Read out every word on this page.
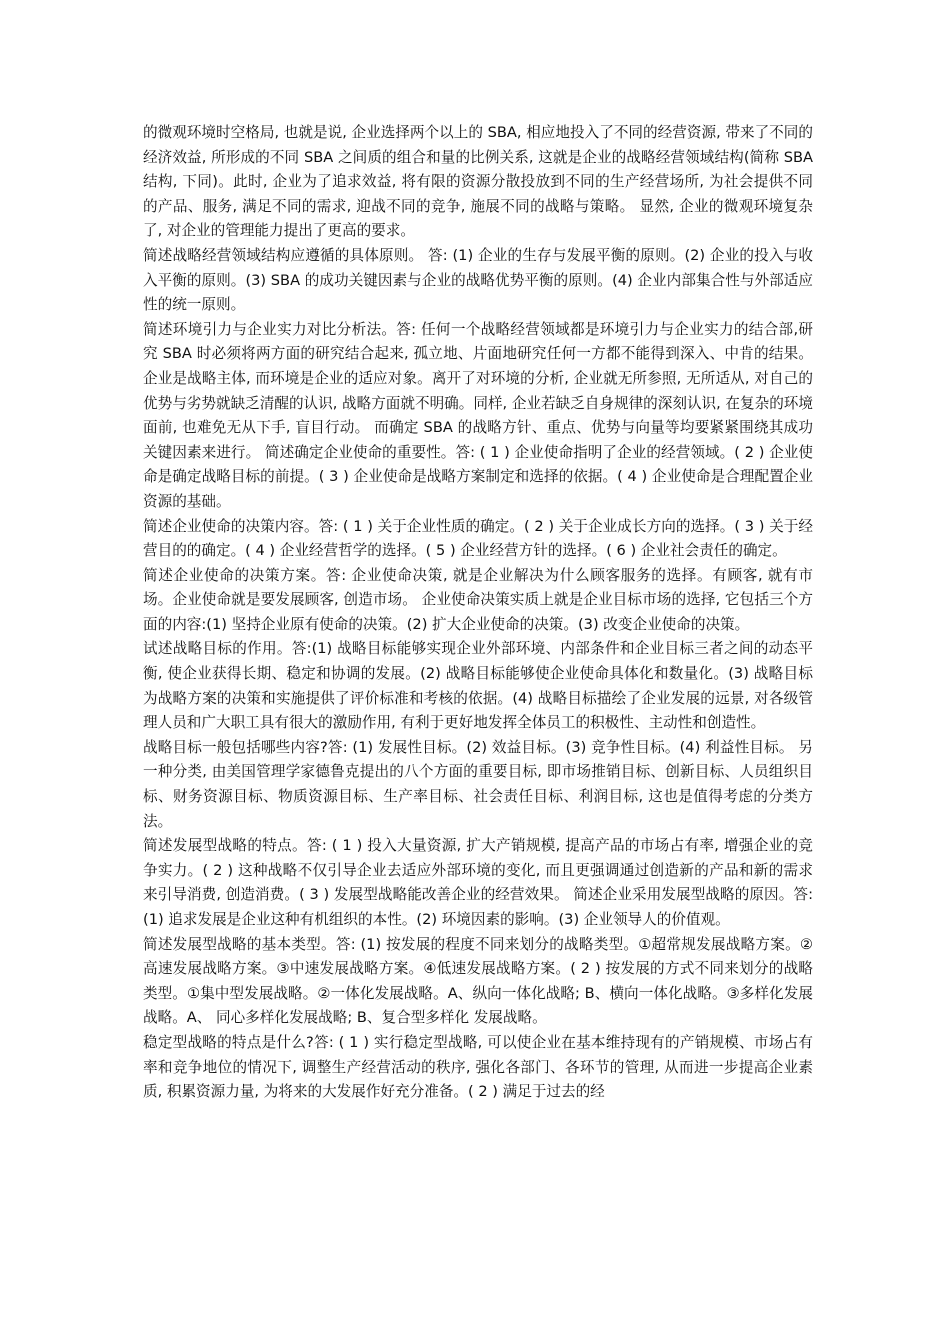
的微观环境时空格局, 也就是说, 企业选择两个以上的 SBA, 相应地投入了不同的经营资源, 带来了不同的经济效益, 所形成的不同 SBA 之间质的组合和量的比例关系, 这就是企业的战略经营领域结构(简称 SBA 结构, 下同)。此时, 企业为了追求效益, 将有限的资源分散投放到不同的生产经营场所, 为社会提供不同的产品、服务, 满足不同的需求, 迎战不同的竞争, 施展不同的战略与策略。 显然, 企业的微观环境复杂了, 对企业的管理能力提出了更高的要求。

简述战略经营领域结构应遵循的具体原则。 答: (1) 企业的生存与发展平衡的原则。(2) 企业的投入与收入平衡的原则。(3) SBA 的成功关键因素与企业的战略优势平衡的原则。(4) 企业内部集合性与外部适应性的统一原则。

简述环境引力与企业实力对比分析法。答: 任何一个战略经营领域都是环境引力与企业实力的结合部,研究 SBA 时必须将两方面的研究结合起来, 孤立地、片面地研究任何一方都不能得到深入、中肯的结果。企业是战略主体, 而环境是企业的适应对象。离开了对环境的分析, 企业就无所参照, 无所适从, 对自己的优势与劣势就缺乏清醒的认识, 战略方面就不明确。同样, 企业若缺乏自身规律的深刻认识, 在复杂的环境面前, 也难免无从下手, 盲目行动。 而确定 SBA 的战略方针、重点、优势与向量等均要紧紧围绕其成功关键因素来进行。 简述确定企业使命的重要性。答: ( 1 ) 企业使命指明了企业的经营领域。( 2 ) 企业使命是确定战略目标的前提。( 3 ) 企业使命是战略方案制定和选择的依据。( 4 ) 企业使命是合理配置企业资源的基础。

简述企业使命的决策内容。答: ( 1 ) 关于企业性质的确定。( 2 ) 关于企业成长方向的选择。( 3 ) 关于经营目的的确定。( 4 ) 企业经营哲学的选择。( 5 ) 企业经营方针的选择。( 6 ) 企业社会责任的确定。

简述企业使命的决策方案。答: 企业使命决策, 就是企业解决为什么顾客服务的选择。有顾客, 就有市场。企业使命就是要发展顾客, 创造市场。 企业使命决策实质上就是企业目标市场的选择, 它包括三个方面的内容:(1) 坚持企业原有使命的决策。(2) 扩大企业使命的决策。(3) 改变企业使命的决策。

试述战略目标的作用。答:(1) 战略目标能够实现企业外部环境、内部条件和企业目标三者之间的动态平衡, 使企业获得长期、稳定和协调的发展。(2) 战略目标能够使企业使命具体化和数量化。(3) 战略目标为战略方案的决策和实施提供了评价标准和考核的依据。(4) 战略目标描绘了企业发展的远景, 对各级管理人员和广大职工具有很大的激励作用, 有利于更好地发挥全体员工的积极性、主动性和创造性。

战略目标一般包括哪些内容?答: (1) 发展性目标。(2) 效益目标。(3) 竞争性目标。(4) 利益性目标。 另一种分类, 由美国管理学家德鲁克提出的八个方面的重要目标, 即市场推销目标、创新目标、人员组织目标、财务资源目标、物质资源目标、生产率目标、社会责任目标、利润目标, 这也是值得考虑的分类方法。

简述发展型战略的特点。答: ( 1 ) 投入大量资源, 扩大产销规模, 提高产品的市场占有率, 增强企业的竞争实力。( 2 ) 这种战略不仅引导企业去适应外部环境的变化, 而且更强调通过创造新的产品和新的需求来引导消费, 创造消费。( 3 ) 发展型战略能改善企业的经营效果。 简述企业采用发展型战略的原因。答: (1) 追求发展是企业这种有机组织的本性。(2) 环境因素的影响。(3) 企业领导人的价值观。

简述发展型战略的基本类型。答: (1) 按发展的程度不同来划分的战略类型。①超常规发展战略方案。②高速发展战略方案。③中速发展战略方案。④低速发展战略方案。( 2 ) 按发展的方式不同来划分的战略类型。①集中型发展战略。②一体化发展战略。A、纵向一体化战略; B、横向一体化战略。③多样化发展战略。A、 同心多样化发展战略; B、复合型多样化 发展战略。

稳定型战略的特点是什么?答: ( 1 ) 实行稳定型战略, 可以使企业在基本维持现有的产销规模、市场占有率和竞争地位的情况下, 调整生产经营活动的秩序, 强化各部门、各环节的管理, 从而进一步提高企业素质, 积累资源力量, 为将来的大发展作好充分准备。( 2 ) 满足于过去的经
